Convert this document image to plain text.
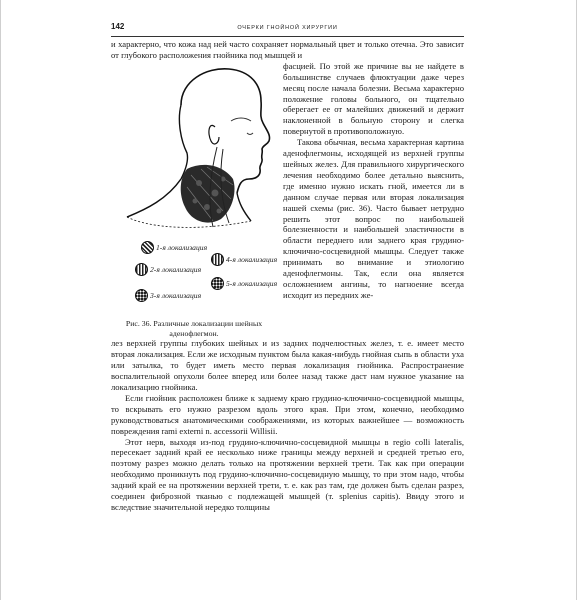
142	ОЧЕРКИ ГНОЙНОЙ ХИРУРГИИ

и характерно, что кожа над ней часто сохраняет нормальный цвет и только отечна. Это зависит от глубокого расположения гнойника под мышцей и

1-я локализация
4-я локализация
2-я локализация
5-я локализация
3-я локализация
Рис. 36. Различные локализации шейных аденофлегмон.

фасцией. По этой же причине вы не найдете в большинстве случаев флюктуации даже через месяц после начала болезни. Весьма характерно положение головы больного, он тщательно оберегает ее от малейших движений и держит наклоненной в больную сторону и слегка повернутой в противоположную.

Такова обычная, весьма характерная картина аденофлегмоны, исходящей из верхней группы шейных желез. Для правильного хирургического лечения необходимо более детально выяснить, где именно нужно искать гной, имеется ли в данном случае первая или вторая локализация нашей схемы (рис. 36). Часто бывает нетрудно решить этот вопрос по наибольшей болезненности и наибольшей эластичности в области переднего или заднего края грудино-ключично-сосцевидной мышцы. Следует также принимать во внимание и этиологию аденофлегмоны. Так, если она является осложнением ангины, то нагноение всегда исходит из передних же-

лез верхней группы глубоких шейных и из задних подчелюстных желез, т. е. имеет место вторая локализация. Если же исходным пунктом была какая-нибудь гнойная сыпь в области уха или затылка, то будет иметь место первая локализация гнойника. Распространение воспалительной опухоли более вперед или более назад также даст нам нужное указание на локализацию гнойника.

Если гнойник расположен ближе к заднему краю грудино-ключично-сосцевидной мышцы, то вскрывать его нужно разрезом вдоль этого края. При этом, конечно, необходимо руководствоваться анатомическими соображениями, из которых важнейшее — возможность повреждения rami externi n. accessorii Willisii.

Этот нерв, выходя из-под грудино-ключично-сосцевидной мышцы в regio colli lateralis, пересекает задний край ее несколько ниже границы между верхней и средней третью его, поэтому разрез можно делать только на протяжении верхней трети. Так как при операции необходимо проникнуть под грудино-ключично-сосцевидную мышцу, то при этом надо, чтобы задний край ее на протяжении верхней трети, т. е. как раз там, где должен быть сделан разрез, соединен фиброзной тканью с подлежащей мышцей (т. splenius capitis). Ввиду этого и вследствие значительной нередко толщины
